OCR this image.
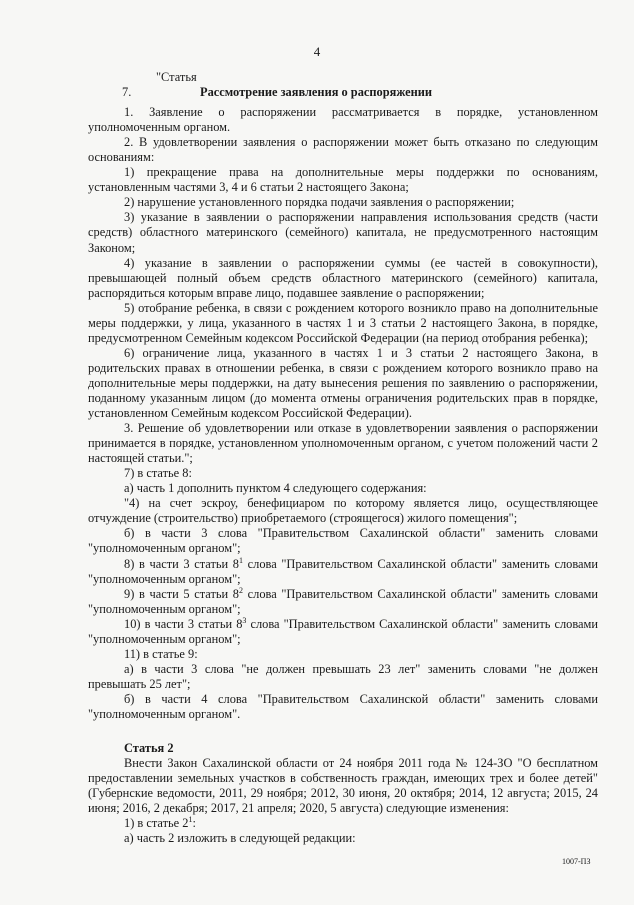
4

"Статья 7.	Рассмотрение заявления о распоряжении

1. Заявление о распоряжении рассматривается в порядке, установленном уполномоченным органом.

2. В удовлетворении заявления о распоряжении может быть отказано по следующим основаниям:

1) прекращение права на дополнительные меры поддержки по основаниям, установленным частями 3, 4 и 6 статьи 2 настоящего Закона;

2) нарушение установленного порядка подачи заявления о распоряжении;

3) указание в заявлении о распоряжении направления использования средств (части средств) областного материнского (семейного) капитала, не предусмотренного настоящим Законом;

4) указание в заявлении о распоряжении суммы (ее частей в совокупности), превышающей полный объем средств областного материнского (семейного) капитала, распорядиться которым вправе лицо, подавшее заявление о распоряжении;

5) отобрание ребенка, в связи с рождением которого возникло право на дополнительные меры поддержки, у лица, указанного в частях 1 и 3 статьи 2 настоящего Закона, в порядке, предусмотренном Семейным кодексом Российской Федерации (на период отобрания ребенка);

6) ограничение лица, указанного в частях 1 и 3 статьи 2 настоящего Закона, в родительских правах в отношении ребенка, в связи с рождением которого возникло право на дополнительные меры поддержки, на дату вынесения решения по заявлению о распоряжении, поданному указанным лицом (до момента отмены ограничения родительских прав в порядке, установленном Семейным кодексом Российской Федерации).

3. Решение об удовлетворении или отказе в удовлетворении заявления о распоряжении принимается в порядке, установленном уполномоченным органом, с учетом положений части 2 настоящей статьи.";

7) в статье 8:

а) часть 1 дополнить пунктом 4 следующего содержания:

"4) на счет эскроу, бенефициаром по которому является лицо, осуществляющее отчуждение (строительство) приобретаемого (строящегося) жилого помещения";

б) в части 3 слова "Правительством Сахалинской области" заменить словами "уполномоченным органом";

8) в части 3 статьи $8^1$ слова "Правительством Сахалинской области" заменить словами "уполномоченным органом";

9) в части 5 статьи $8^2$ слова "Правительством Сахалинской области" заменить словами "уполномоченным органом";

10) в части 3 статьи $8^3$ слова "Правительством Сахалинской области" заменить словами "уполномоченным органом";

11) в статье 9:

а) в части 3 слова "не должен превышать 23 лет" заменить словами "не должен превышать 25 лет";

б) в части 4 слова "Правительством Сахалинской области" заменить словами "уполномоченным органом".

Статья 2

Внести Закон Сахалинской области от 24 ноября 2011 года № 124-ЗО "О бесплатном предоставлении земельных участков в собственность граждан, имеющих трех и более детей" (Губернские ведомости, 2011, 29 ноября; 2012, 30 июня, 20 октября; 2014, 12 августа; 2015, 24 июня; 2016, 2 декабря; 2017, 21 апреля; 2020, 5 августа) следующие изменения:

1) в статье $2^1$:

а) часть 2 изложить в следующей редакции:

1007-ПЗ
